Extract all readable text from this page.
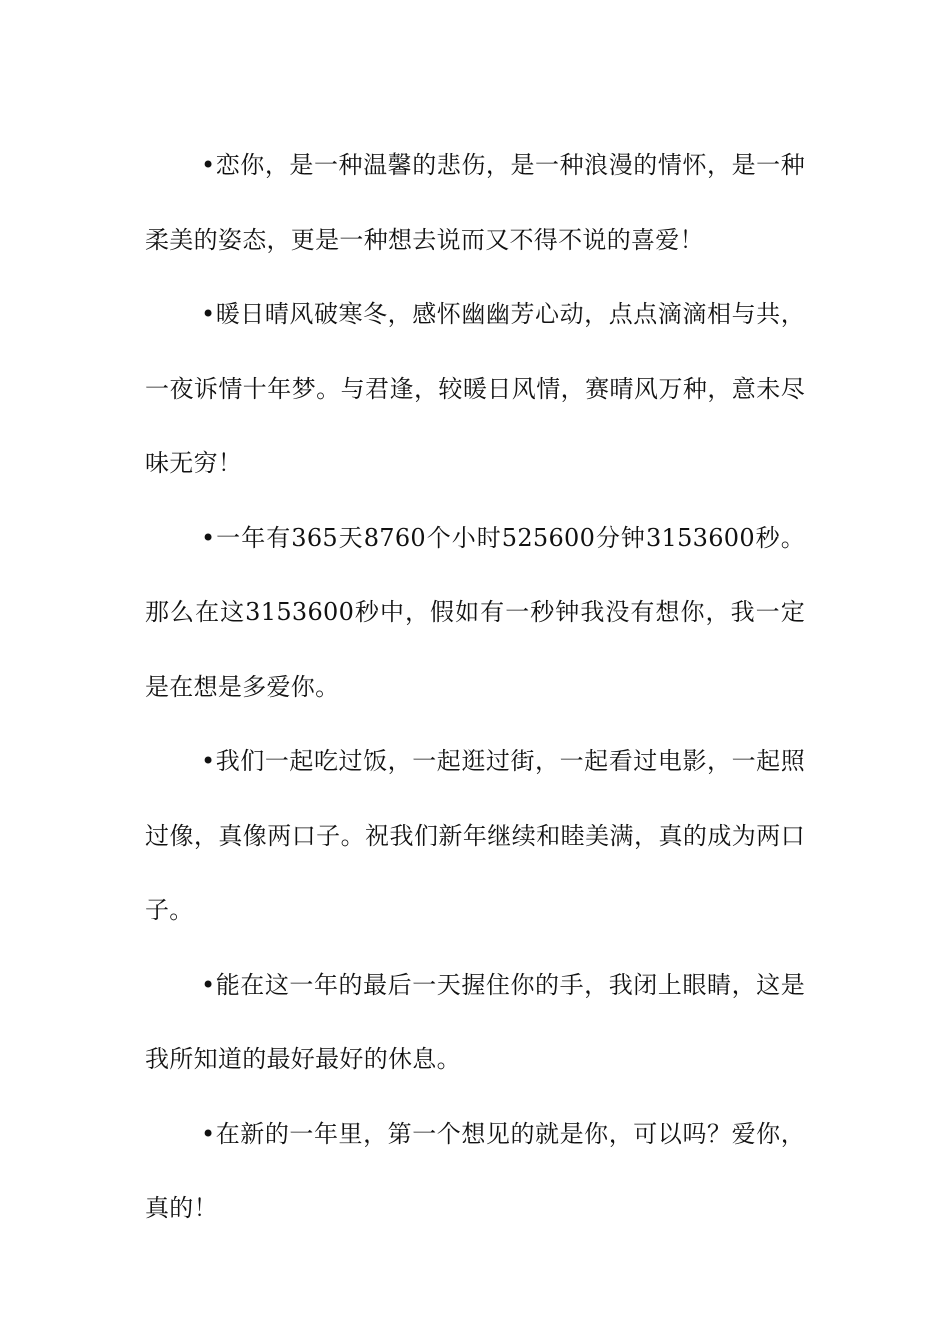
•恋你，是一种温馨的悲伤，是一种浪漫的情怀，是一种柔美的姿态，更是一种想去说而又不得不说的喜爱！

•暖日晴风破寒冬，感怀幽幽芳心动，点点滴滴相与共，一夜诉情十年梦。与君逢，较暖日风情，赛晴风万种，意未尽味无穷！

•一年有365天8760个小时525600分钟3153600秒。那么在这3153600秒中，假如有一秒钟我没有想你，我一定是在想是多爱你。

•我们一起吃过饭，一起逛过街，一起看过电影，一起照过像，真像两口子。祝我们新年继续和睦美满，真的成为两口子。

•能在这一年的最后一天握住你的手，我闭上眼睛，这是我所知道的最好最好的休息。

•在新的一年里，第一个想见的就是你，可以吗？爱你，真的！
